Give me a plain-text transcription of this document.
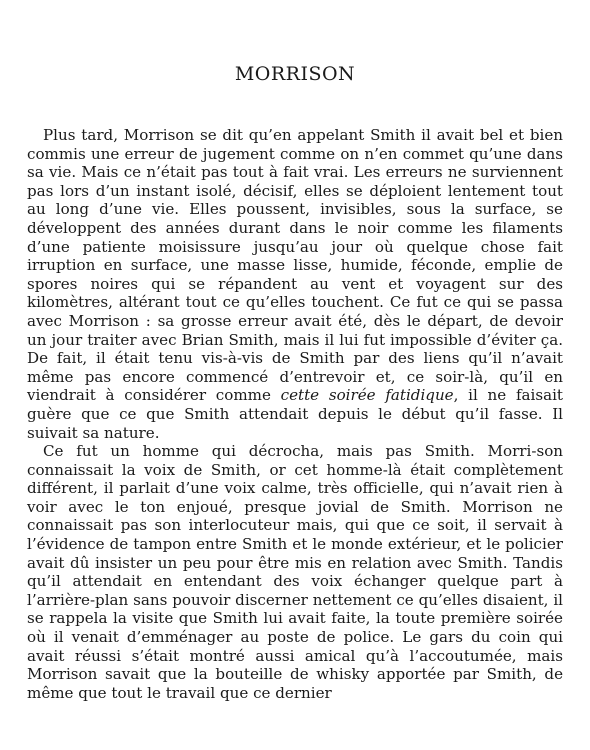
MORRISON

Plus tard, Morrison se dit qu’en appelant Smith il avait bel et bien commis une erreur de jugement comme on n’en commet qu’une dans sa vie. Mais ce n’était pas tout à fait vrai. Les erreurs ne surviennent pas lors d’un instant isolé, décisif, elles se déploient lentement tout au long d’une vie. Elles poussent, invisibles, sous la surface, se développent des années durant dans le noir comme les filaments d’une patiente moisissure jusqu’au jour où quelque chose fait irruption en surface, une masse lisse, humide, féconde, emplie de spores noires qui se répandent au vent et voyagent sur des kilomètres, altérant tout ce qu’elles touchent. Ce fut ce qui se passa avec Morrison : sa grosse erreur avait été, dès le départ, de devoir un jour traiter avec Brian Smith, mais il lui fut impossible d’éviter ça. De fait, il était tenu vis-à-vis de Smith par des liens qu’il n’avait même pas encore commencé d’entrevoir et, ce soir-là, qu’il en viendrait à considérer comme cette soirée fatidique, il ne faisait guère que ce que Smith attendait depuis le début qu’il fasse. Il suivait sa nature.

Ce fut un homme qui décrocha, mais pas Smith. Morri-son connaissait la voix de Smith, or cet homme-là était complètement différent, il parlait d’une voix calme, très officielle, qui n’avait rien à voir avec le ton enjoué, presque jovial de Smith. Morrison ne connaissait pas son interlocuteur mais, qui que ce soit, il servait à l’évidence de tampon entre Smith et le monde extérieur, et le policier avait dû insister un peu pour être mis en relation avec Smith. Tandis qu’il attendait en entendant des voix échanger quelque part à l’arrière-plan sans pouvoir discerner nettement ce qu’elles disaient, il se rappela la visite que Smith lui avait faite, la toute première soirée où il venait d’emménager au poste de police. Le gars du coin qui avait réussi s’était montré aussi amical qu’à l’accoutumée, mais Morrison savait que la bouteille de whisky apportée par Smith, de même que tout le travail que ce dernier
